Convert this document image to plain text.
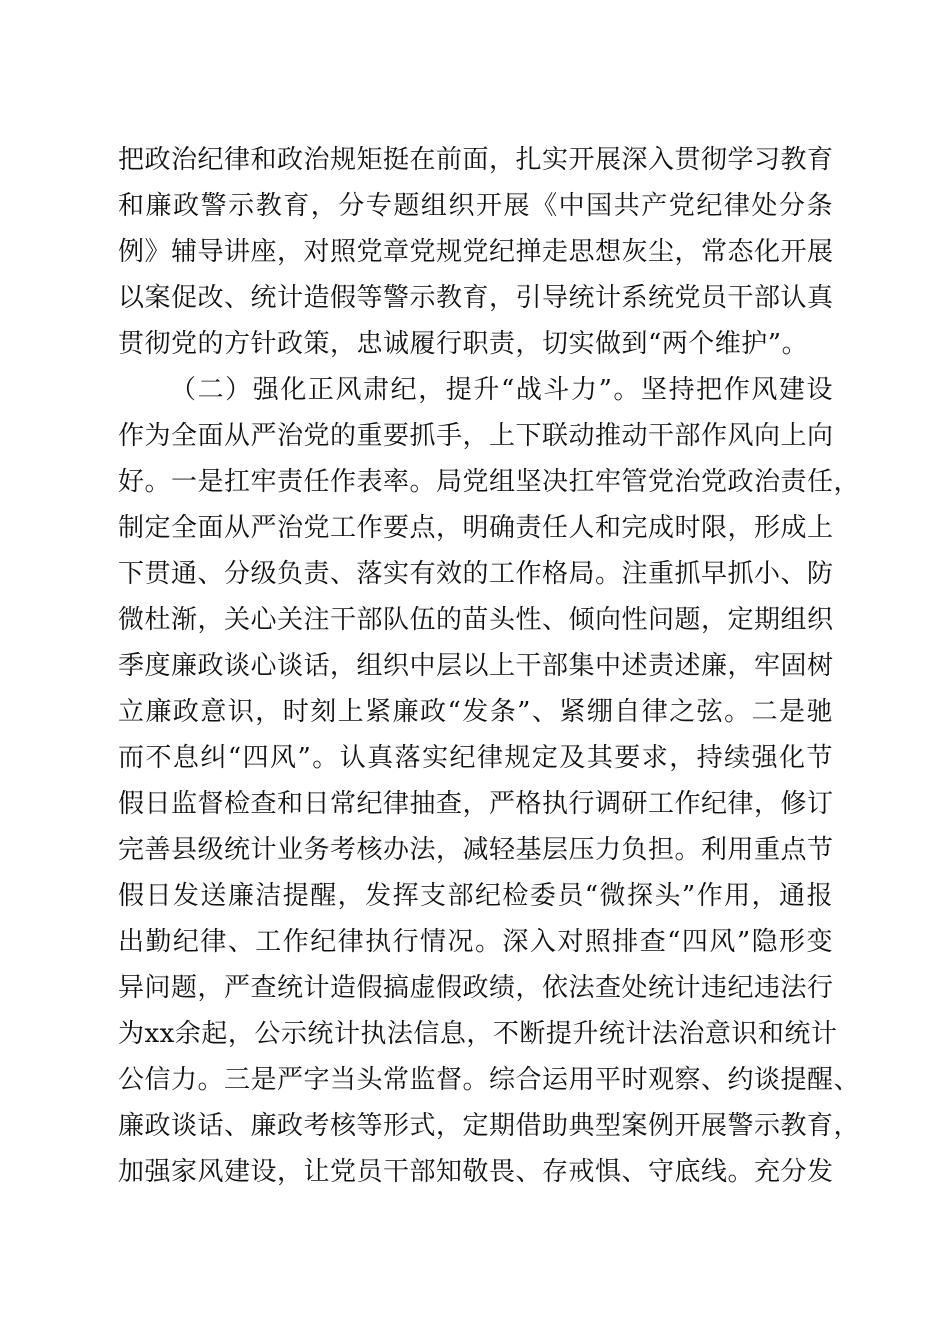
把政治纪律和政治规矩挺在前面，扎实开展深入贯彻学习教育
和廉政警示教育，分专题组织开展《中国共产党纪律处分条
例》辅导讲座，对照党章党规党纪掸走思想灰尘，常态化开展
以案促改、统计造假等警示教育，引导统计系统党员干部认真
贯彻党的方针政策，忠诚履行职责，切实做到“两个维护”。
（二）强化正风肃纪，提升“战斗力”。坚持把作风建设
作为全面从严治党的重要抓手，上下联动推动干部作风向上向
好。一是扛牢责任作表率。局党组坚决扛牢管党治党政治责任，
制定全面从严治党工作要点，明确责任人和完成时限，形成上
下贯通、分级负责、落实有效的工作格局。注重抓早抓小、防
微杜渐，关心关注干部队伍的苗头性、倾向性问题，定期组织
季度廉政谈心谈话，组织中层以上干部集中述责述廉，牢固树
立廉政意识，时刻上紧廉政“发条”、紧绷自律之弦。二是驰
而不息纠“四风”。认真落实纪律规定及其要求，持续强化节
假日监督检查和日常纪律抽查，严格执行调研工作纪律，修订
完善县级统计业务考核办法，减轻基层压力负担。利用重点节
假日发送廉洁提醒，发挥支部纪检委员“微探头”作用，通报
出勤纪律、工作纪律执行情况。深入对照排查“四风”隐形变
异问题，严查统计造假搞虚假政绩，依法查处统计违纪违法行
为xx余起，公示统计执法信息，不断提升统计法治意识和统计
公信力。三是严字当头常监督。综合运用平时观察、约谈提醒、
廉政谈话、廉政考核等形式，定期借助典型案例开展警示教育，
加强家风建设，让党员干部知敬畏、存戒惧、守底线。充分发
